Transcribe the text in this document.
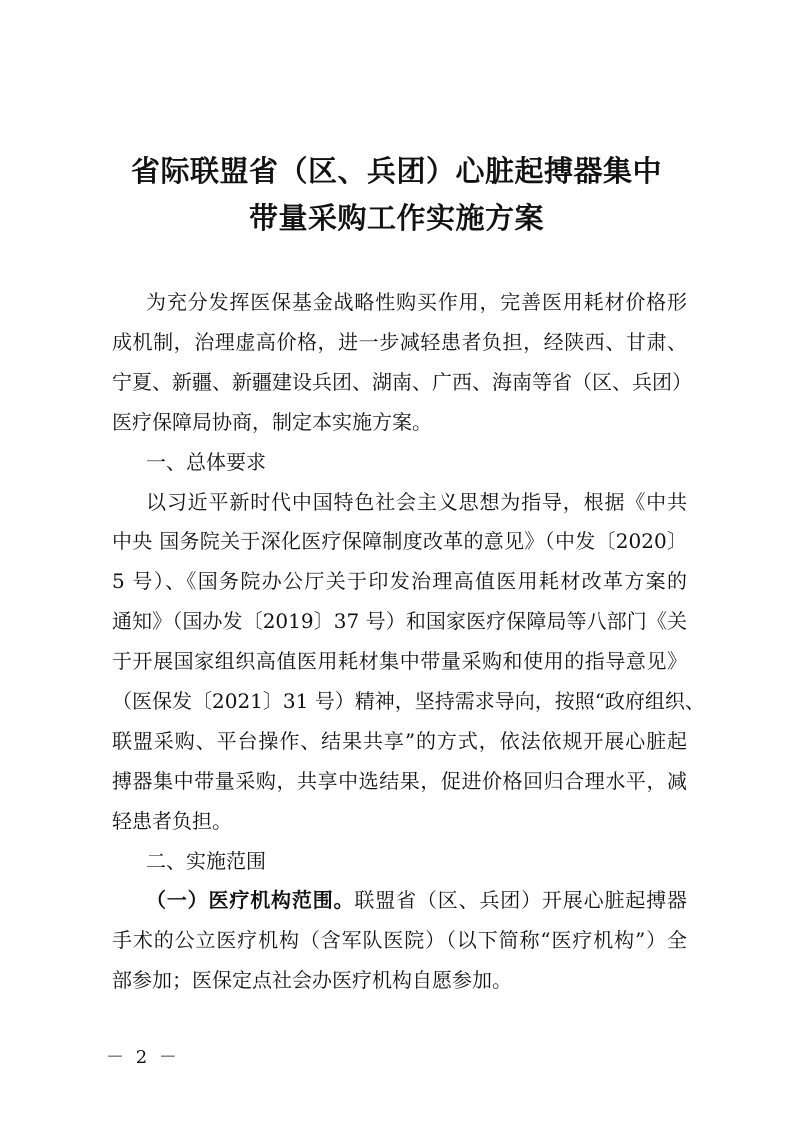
省际联盟省（区、兵团）心脏起搏器集中
带量采购工作实施方案
为充分发挥医保基金战略性购买作用，完善医用耗材价格形
成机制，治理虚高价格，进一步减轻患者负担，经陕西、甘肃、
宁夏、新疆、新疆建设兵团、湖南、广西、海南等省（区、兵团）
医疗保障局协商，制定本实施方案。
一、总体要求
以习近平新时代中国特色社会主义思想为指导，根据《中共
中央 国务院关于深化医疗保障制度改革的意见》（中发〔2020〕
5 号）、《国务院办公厅关于印发治理高值医用耗材改革方案的
通知》（国办发〔2019〕37 号）和国家医疗保障局等八部门《关
于开展国家组织高值医用耗材集中带量采购和使用的指导意见》
（医保发〔2021〕31 号）精神，坚持需求导向，按照“政府组织、
联盟采购、平台操作、结果共享”的方式，依法依规开展心脏起
搏器集中带量采购，共享中选结果，促进价格回归合理水平，减
轻患者负担。
二、实施范围
（一）医疗机构范围。联盟省（区、兵团）开展心脏起搏器
手术的公立医疗机构（含军队医院）（以下简称“医疗机构”）全
部参加；医保定点社会办医疗机构自愿参加。
－ 2 －
